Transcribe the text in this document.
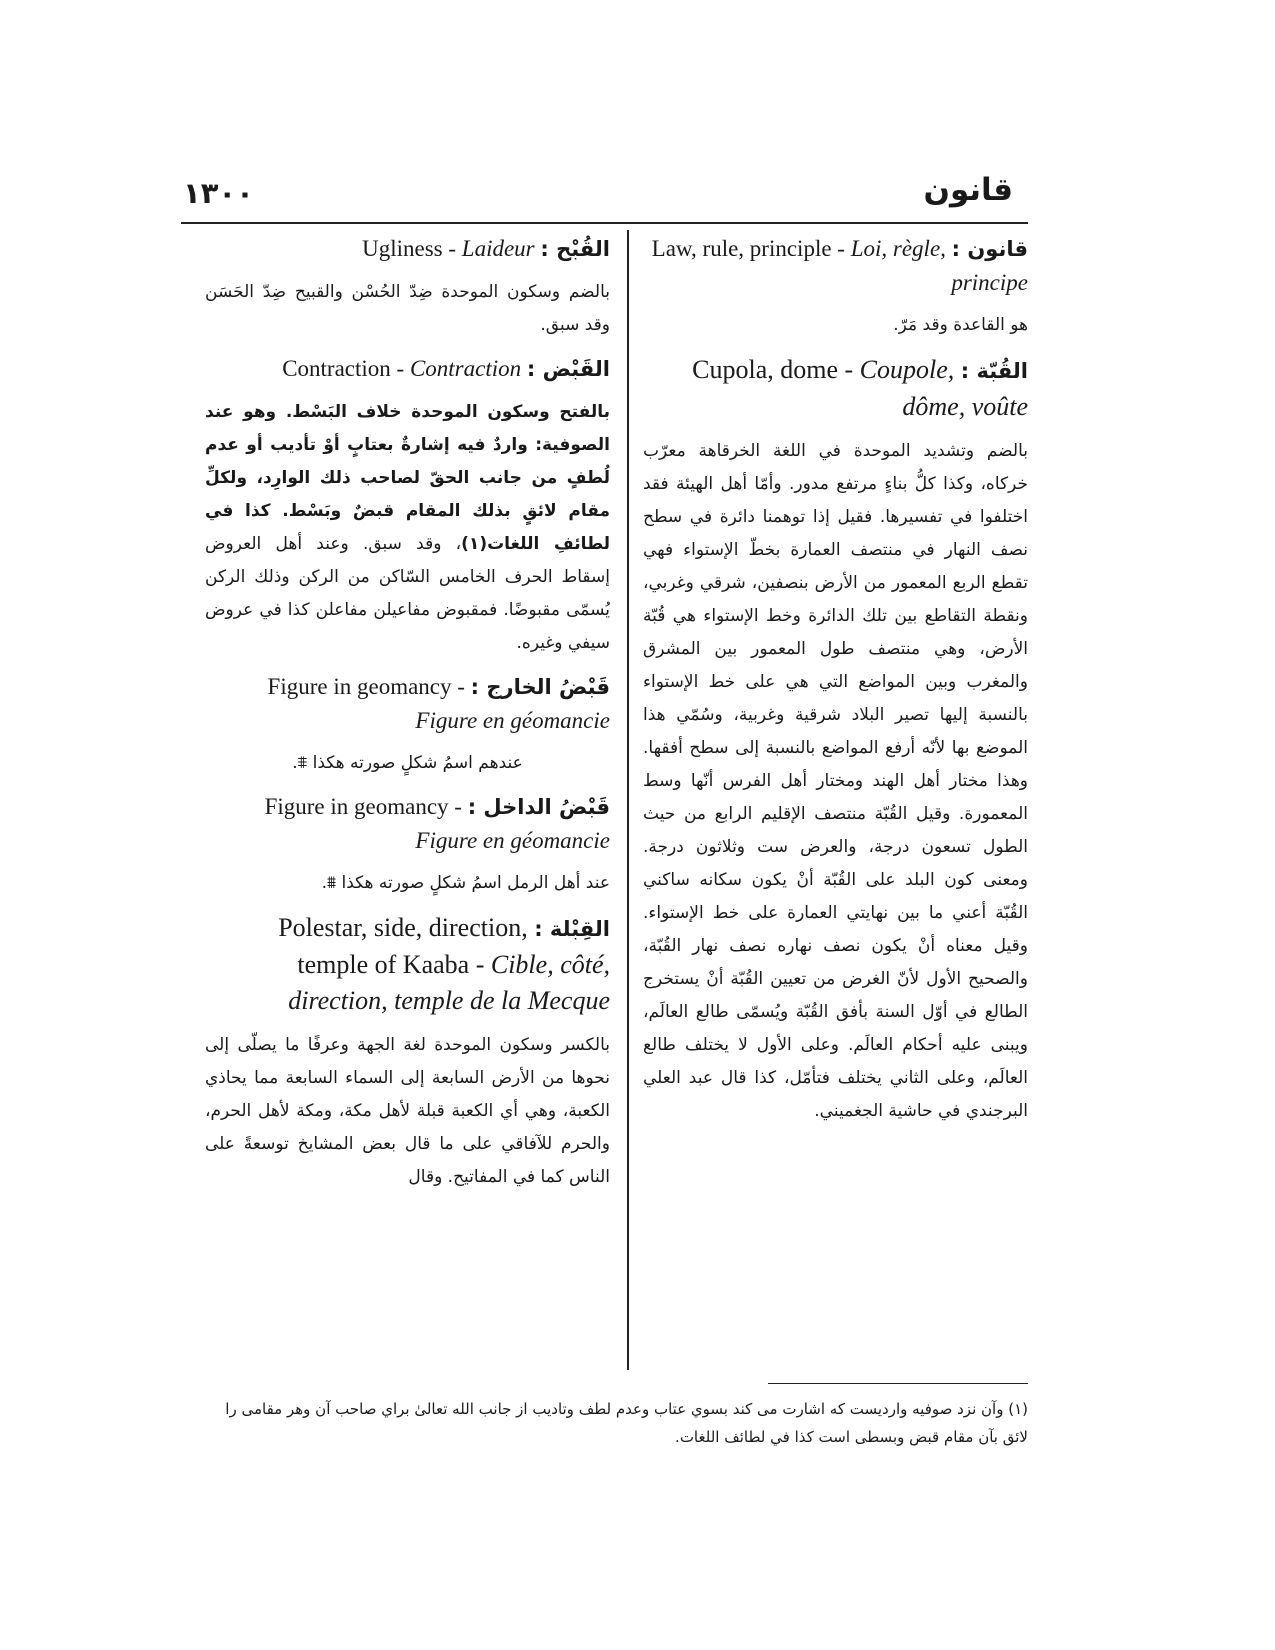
قانون
١٣٠٠

قانون : Law, rule, principle - Loi, règle, principe

هو القاعدة وقد مَرّ.

القُبّة : Cupola, dome - Coupole, dôme, voûte

بالضم وتشديد الموحدة في اللغة الخرقاهة معرّب خركاه، وكذا كلُّ بناءٍ مرتفع مدور. وأمّا أهل الهيئة فقد اختلفوا في تفسيرها. فقيل إذا توهمنا دائرة في سطح نصف النهار في منتصف العمارة بخطّ الإستواء فهي تقطع الربع المعمور من الأرض بنصفين، شرقي وغربي، ونقطة التقاطع بين تلك الدائرة وخط الإستواء هي قُبّة الأرض، وهي منتصف طول المعمور بين المشرق والمغرب وبين المواضع التي هي على خط الإستواء بالنسبة إليها تصير البلاد شرقية وغربية، وسُمّي هذا الموضع بها لأنّه أرفع المواضع بالنسبة إلى سطح أفقها. وهذا مختار أهل الهند ومختار أهل الفرس أنّها وسط المعمورة. وقيل القُبّة منتصف الإقليم الرابع من حيث الطول تسعون درجة، والعرض ست وثلاثون درجة. ومعنى كون البلد على القُبّة أنْ يكون سكانه ساكني القُبّة أعني ما بين نهايتي العمارة على خط الإستواء. وقيل معناه أنْ يكون نصف نهاره نصف نهار القُبّة، والصحيح الأول لأنّ الغرض من تعيين القُبّة أنْ يستخرج الطالع في أوّل السنة بأفق القُبّة ويُسمّى طالع العالَم، ويبنى عليه أحكام العالَم. وعلى الأول لا يختلف طالع العالَم، وعلى الثاني يختلف فتأمّل، كذا قال عبد العلي البرجندي في حاشية الجغميني.

القُبْح : Ugliness - Laideur

بالضم وسكون الموحدة ضِدّ الحُسْن والقبيح ضِدّ الحَسَن وقد سبق.

القَبْض : Contraction - Contraction

بالفتح وسكون الموحدة خلاف البَسْط. وهو عند الصوفية: واردٌ فيه إشارةٌ بعتابٍ أوْ تأديب أو عدم لُطفٍ من جانب الحقّ لصاحب ذلك الوارِد، ولكلِّ مقام لائقٍ بذلك المقام قبضٌ وبَسْط. كذا في لطائفِ اللغات(١)، وقد سبق. وعند أهل العروض إسقاط الحرف الخامس السّاكن من الركن وذلك الركن يُسمّى مقبوضًا. فمقبوض مفاعيلن مفاعلن كذا في عروض سيفي وغيره.

قَبْضُ الخارج : Figure in geomancy - Figure en géomancie

عندهم اسمُ شكلٍ صورته هكذا ⩨.

قَبْضُ الداخل : Figure in geomancy - Figure en géomancie

عند أهل الرمل اسمُ شكلٍ صورته هكذا ⩩.

القِبْلة : Polestar, side, direction, temple of Kaaba - Cible, côté, direction, temple de la Mecque

بالكسر وسكون الموحدة لغة الجهة وعرفًا ما يصلّى إلى نحوها من الأرض السابعة إلى السماء السابعة مما يحاذي الكعبة، وهي أي الكعبة قبلة لأهل مكة، ومكة لأهل الحرم، والحرم للآفاقي على ما قال بعض المشايخ توسعةً على الناس كما في المفاتيح. وقال

(١) وآن نزد صوفيه وارديست كه اشارت مى كند بسوي عتاب وعدم لطف وتاديب از جانب الله تعالىٰ براي صاحب آن وهر مقامى را لائق بآن مقام قبض وبسطى است كذا في لطائف اللغات.
